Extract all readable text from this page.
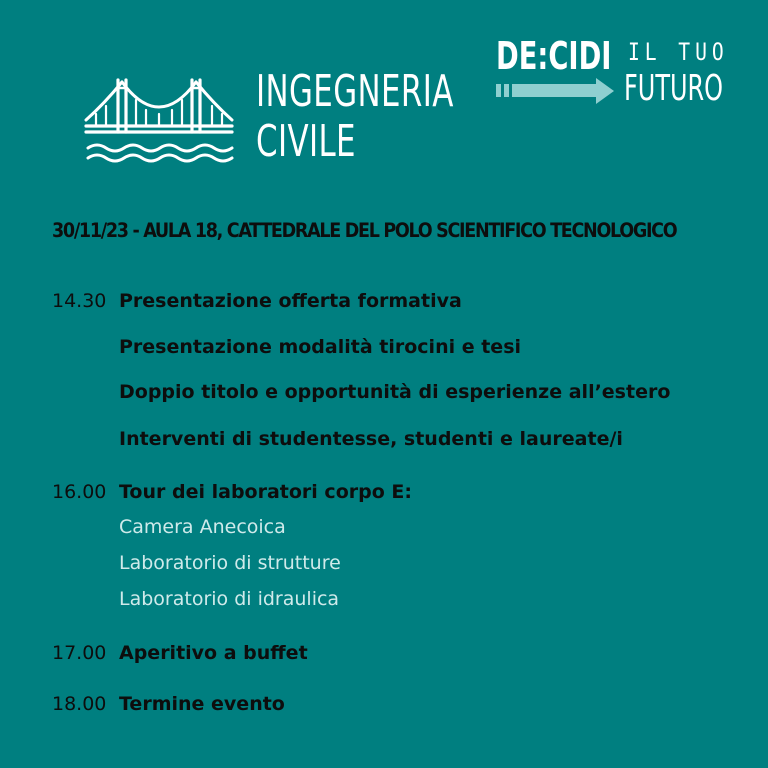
INGEGNERIA
CIVILE
DE:CIDI IL TUO
FUTURO
30/11/23 - AULA 18, CATTEDRALE DEL POLO SCIENTIFICO TECNOLOGICO
14.30 Presentazione offerta formativa
Presentazione modalità tirocini e tesi
Doppio titolo e opportunità di esperienze all’estero
Interventi di studentesse, studenti e laureate/i
16.00 Tour dei laboratori corpo E:
Camera Anecoica
Laboratorio di strutture
Laboratorio di idraulica
17.00 Aperitivo a buffet
18.00 Termine evento
